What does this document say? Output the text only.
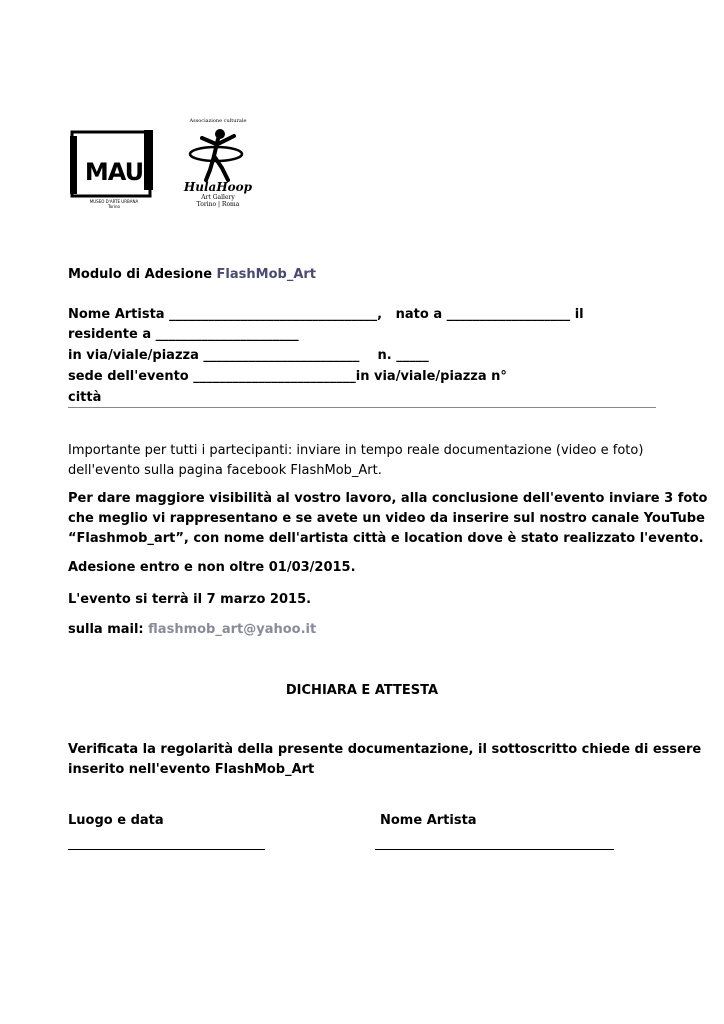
MAU
MUSEO D'ARTE URBANA
Torino
Associazione culturale
HulaHoop
Art Gallery
Torino | Roma
Modulo di Adesione FlashMob_Art
Nome Artista ________________________________, nato a ___________________ il
residente a ______________________
in via/viale/piazza ________________________ n. _____
sede dell'evento _________________________in via/viale/piazza n°
città
Importante per tutti i partecipanti: inviare in tempo reale documentazione (video e foto)
dell'evento sulla pagina facebook FlashMob_Art.
Per dare maggiore visibilità al vostro lavoro, alla conclusione dell'evento inviare 3 foto
che meglio vi rappresentano e se avete un video da inserire sul nostro canale YouTube
“Flashmob_art”, con nome dell'artista città e location dove è stato realizzato l'evento.
Adesione entro e non oltre 01/03/2015.
L'evento si terrà il 7 marzo 2015.
sulla mail: flashmob_art@yahoo.it
DICHIARA E ATTESTA
Verificata la regolarità della presente documentazione, il sottoscritto chiede di essere
inserito nell'evento FlashMob_Art
Luogo e data	Nome Artista
